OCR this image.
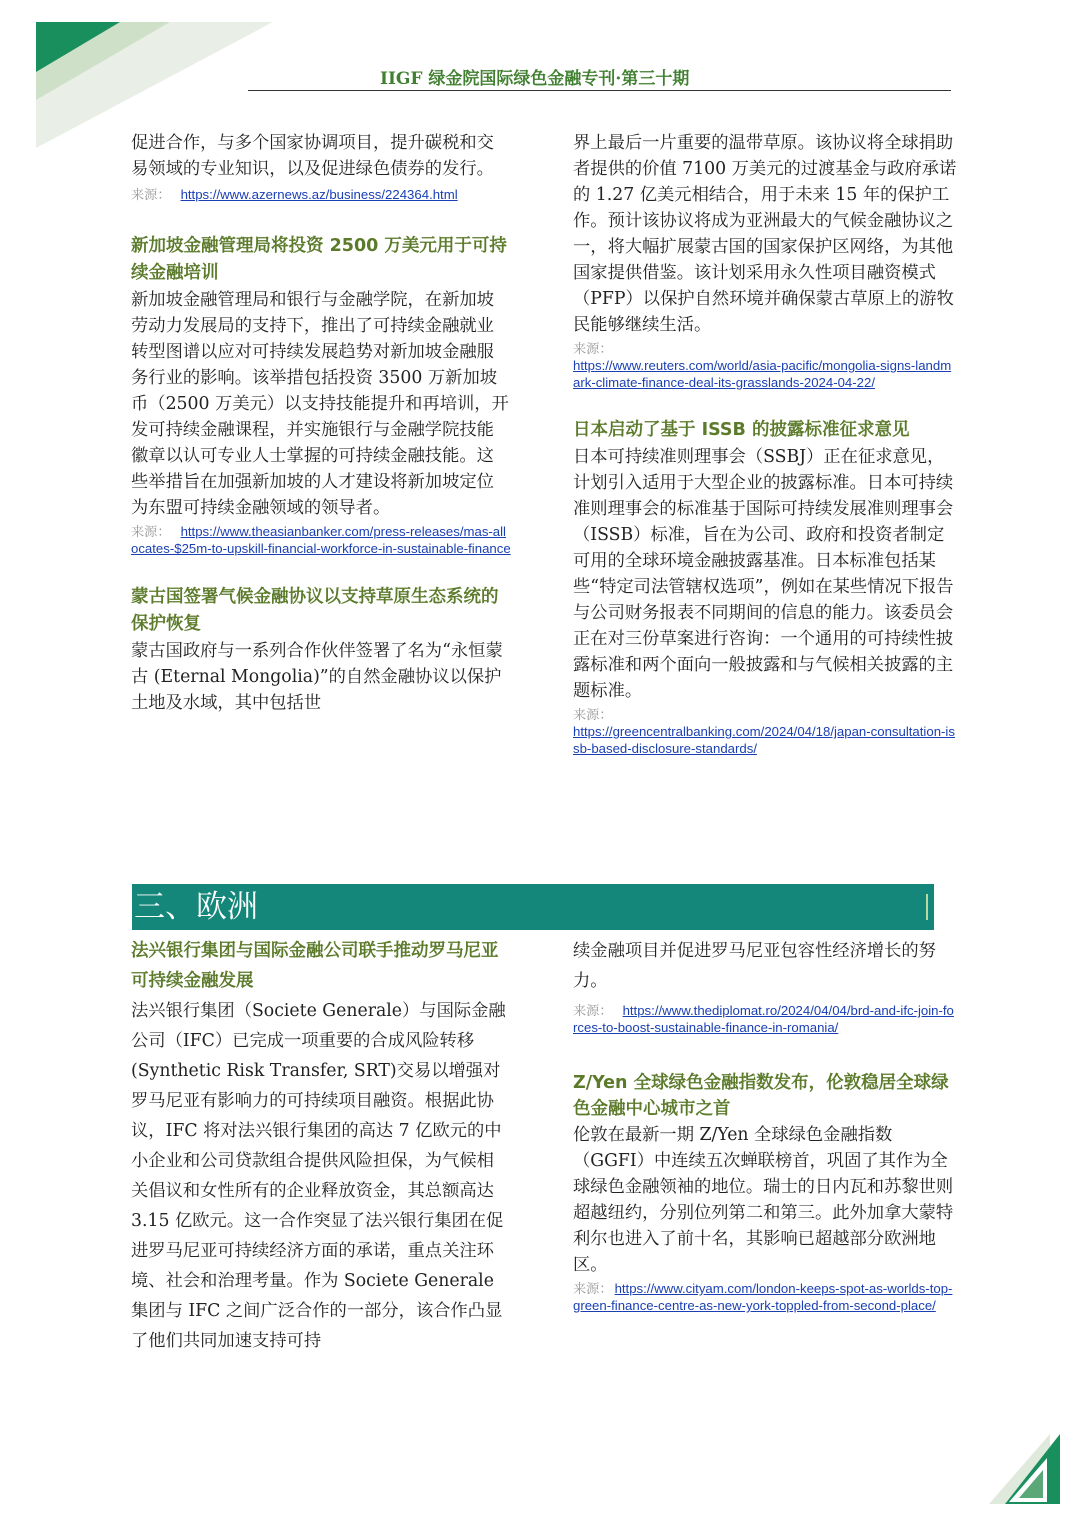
IIGF 绿金院国际绿色金融专刊·第三十期

促进合作，与多个国家协调项目，提升碳税和交易领域的专业知识，以及促进绿色债券的发行。

来源： https://www.azernews.az/business/224364.html

新加坡金融管理局将投资 2500 万美元用于可持续金融培训

新加坡金融管理局和银行与金融学院，在新加坡劳动力发展局的支持下，推出了可持续金融就业转型图谱以应对可持续发展趋势对新加坡金融服务行业的影响。该举措包括投资 3500 万新加坡币（2500 万美元）以支持技能提升和再培训，开发可持续金融课程，并实施银行与金融学院技能徽章以认可专业人士掌握的可持续金融技能。这些举措旨在加强新加坡的人才建设将新加坡定位为东盟可持续金融领域的领导者。

来源： https://www.theasianbanker.com/press-releases/mas-allocates-$25m-to-upskill-financial-workforce-in-sustainable-finance

蒙古国签署气候金融协议以支持草原生态系统的保护恢复

蒙古国政府与一系列合作伙伴签署了名为“永恒蒙古 (Eternal Mongolia)”的自然金融协议以保护土地及水域，其中包括世

界上最后一片重要的温带草原。该协议将全球捐助者提供的价值 7100 万美元的过渡基金与政府承诺的 1.27 亿美元相结合，用于未来 15 年的保护工作。预计该协议将成为亚洲最大的气候金融协议之一，将大幅扩展蒙古国的国家保护区网络，为其他国家提供借鉴。该计划采用永久性项目融资模式（PFP）以保护自然环境并确保蒙古草原上的游牧民能够继续生活。

来源：
https://www.reuters.com/world/asia-pacific/mongolia-signs-landmark-climate-finance-deal-its-grasslands-2024-04-22/

日本启动了基于 ISSB 的披露标准征求意见

日本可持续准则理事会（SSBJ）正在征求意见，计划引入适用于大型企业的披露标准。日本可持续准则理事会的标准基于国际可持续发展准则理事会（ISSB）标准，旨在为公司、政府和投资者制定可用的全球环境金融披露基准。日本标准包括某些“特定司法管辖权选项”，例如在某些情况下报告与公司财务报表不同期间的信息的能力。该委员会正在对三份草案进行咨询：一个通用的可持续性披露标准和两个面向一般披露和与气候相关披露的主题标准。

来源：
https://greencentralbanking.com/2024/04/18/japan-consultation-issb-based-disclosure-standards/

三、欧洲

法兴银行集团与国际金融公司联手推动罗马尼亚可持续金融发展

法兴银行集团（Societe Generale）与国际金融公司（IFC）已完成一项重要的合成风险转移(Synthetic Risk Transfer, SRT)交易以增强对罗马尼亚有影响力的可持续项目融资。根据此协议，IFC 将对法兴银行集团的高达 7 亿欧元的中小企业和公司贷款组合提供风险担保，为气候相关倡议和女性所有的企业释放资金，其总额高达 3.15 亿欧元。这一合作突显了法兴银行集团在促进罗马尼亚可持续经济方面的承诺，重点关注环境、社会和治理考量。作为 Societe Generale 集团与 IFC 之间广泛合作的一部分，该合作凸显了他们共同加速支持可持

续金融项目并促进罗马尼亚包容性经济增长的努力。

来源： https://www.thediplomat.ro/2024/04/04/brd-and-ifc-join-forces-to-boost-sustainable-finance-in-romania/

Z/Yen 全球绿色金融指数发布，伦敦稳居全球绿色金融中心城市之首

伦敦在最新一期 Z/Yen 全球绿色金融指数（GGFI）中连续五次蝉联榜首，巩固了其作为全球绿色金融领袖的地位。瑞士的日内瓦和苏黎世则超越纽约，分别位列第二和第三。此外加拿大蒙特利尔也进入了前十名，其影响已超越部分欧洲地区。

来源： https://www.cityam.com/london-keeps-spot-as-worlds-top-green-finance-centre-as-new-york-toppled-from-second-place/
